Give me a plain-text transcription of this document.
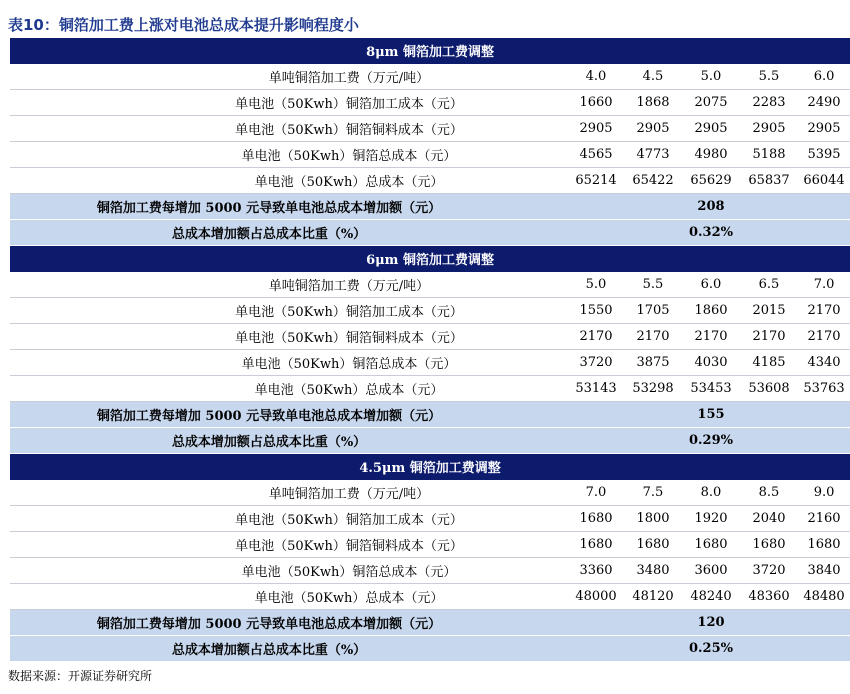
表10：铜箔加工费上涨对电池总成本提升影响程度小
8μm 铜箔加工费调整					
单吨铜箔加工费（万元/吨）	4.0	4.5	5.0	5.5	6.0
单电池（50Kwh）铜箔加工成本（元）	1660	1868	2075	2283	2490
单电池（50Kwh）铜箔铜料成本（元）	2905	2905	2905	2905	2905
单电池（50Kwh）铜箔总成本（元）	4565	4773	4980	5188	5395
单电池（50Kwh）总成本（元）	65214	65422	65629	65837	66044
铜箔加工费每增加 5000 元导致单电池总成本增加额（元）			208		
总成本增加额占总成本比重（%）			0.32%		
6μm 铜箔加工费调整					
单吨铜箔加工费（万元/吨）	5.0	5.5	6.0	6.5	7.0
单电池（50Kwh）铜箔加工成本（元）	1550	1705	1860	2015	2170
单电池（50Kwh）铜箔铜料成本（元）	2170	2170	2170	2170	2170
单电池（50Kwh）铜箔总成本（元）	3720	3875	4030	4185	4340
单电池（50Kwh）总成本（元）	53143	53298	53453	53608	53763
铜箔加工费每增加 5000 元导致单电池总成本增加额（元）			155		
总成本增加额占总成本比重（%）			0.29%		
4.5μm 铜箔加工费调整					
单吨铜箔加工费（万元/吨）	7.0	7.5	8.0	8.5	9.0
单电池（50Kwh）铜箔加工成本（元）	1680	1800	1920	2040	2160
单电池（50Kwh）铜箔铜料成本（元）	1680	1680	1680	1680	1680
单电池（50Kwh）铜箔总成本（元）	3360	3480	3600	3720	3840
单电池（50Kwh）总成本（元）	48000	48120	48240	48360	48480
铜箔加工费每增加 5000 元导致单电池总成本增加额（元）			120		
总成本增加额占总成本比重（%）			0.25%		
数据来源：开源证券研究所
